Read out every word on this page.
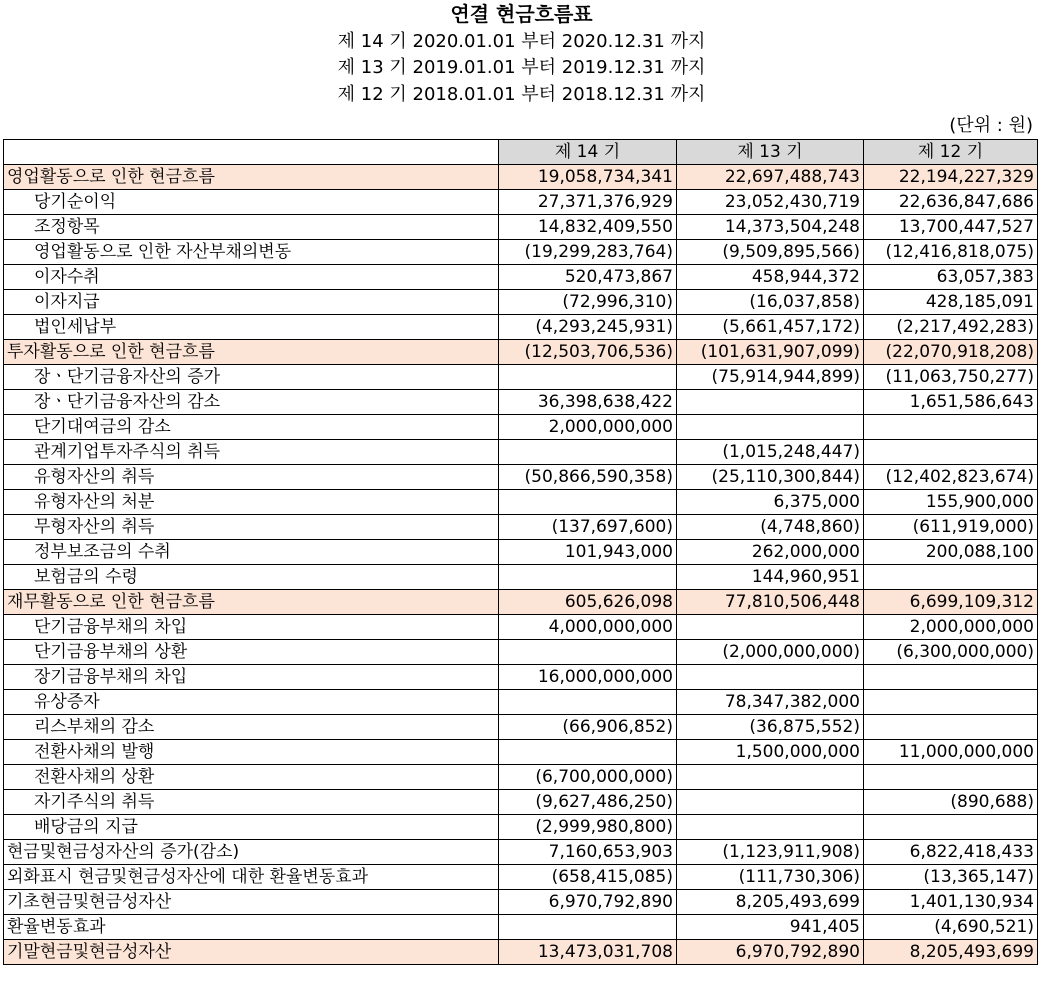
연결 현금흐름표
제 14 기 2020.01.01 부터 2020.12.31 까지
제 13 기 2019.01.01 부터 2019.12.31 까지
제 12 기 2018.01.01 부터 2018.12.31 까지
(단위 : 원)
	제 14 기	제 13 기	제 12 기
영업활동으로 인한 현금흐름	19,058,734,341	22,697,488,743	22,194,227,329
당기순이익	27,371,376,929	23,052,430,719	22,636,847,686
조정항목	14,832,409,550	14,373,504,248	13,700,447,527
영업활동으로 인한 자산부채의변동	(19,299,283,764)	(9,509,895,566)	(12,416,818,075)
이자수취	520,473,867	458,944,372	63,057,383
이자지급	(72,996,310)	(16,037,858)	428,185,091
법인세납부	(4,293,245,931)	(5,661,457,172)	(2,217,492,283)
투자활동으로 인한 현금흐름	(12,503,706,536)	(101,631,907,099)	(22,070,918,208)
장ㆍ단기금융자산의 증가		(75,914,944,899)	(11,063,750,277)
장ㆍ단기금융자산의 감소	36,398,638,422		1,651,586,643
단기대여금의 감소	2,000,000,000		
관계기업투자주식의 취득		(1,015,248,447)	
유형자산의 취득	(50,866,590,358)	(25,110,300,844)	(12,402,823,674)
유형자산의 처분		6,375,000	155,900,000
무형자산의 취득	(137,697,600)	(4,748,860)	(611,919,000)
정부보조금의 수취	101,943,000	262,000,000	200,088,100
보험금의 수령		144,960,951	
재무활동으로 인한 현금흐름	605,626,098	77,810,506,448	6,699,109,312
단기금융부채의 차입	4,000,000,000		2,000,000,000
단기금융부채의 상환		(2,000,000,000)	(6,300,000,000)
장기금융부채의 차입	16,000,000,000		
유상증자		78,347,382,000	
리스부채의 감소	(66,906,852)	(36,875,552)	
전환사채의 발행		1,500,000,000	11,000,000,000
전환사채의 상환	(6,700,000,000)		
자기주식의 취득	(9,627,486,250)		(890,688)
배당금의 지급	(2,999,980,800)		
현금및현금성자산의 증가(감소)	7,160,653,903	(1,123,911,908)	6,822,418,433
외화표시 현금및현금성자산에 대한 환율변동효과	(658,415,085)	(111,730,306)	(13,365,147)
기초현금및현금성자산	6,970,792,890	8,205,493,699	1,401,130,934
환율변동효과		941,405	(4,690,521)
기말현금및현금성자산	13,473,031,708	6,970,792,890	8,205,493,699
